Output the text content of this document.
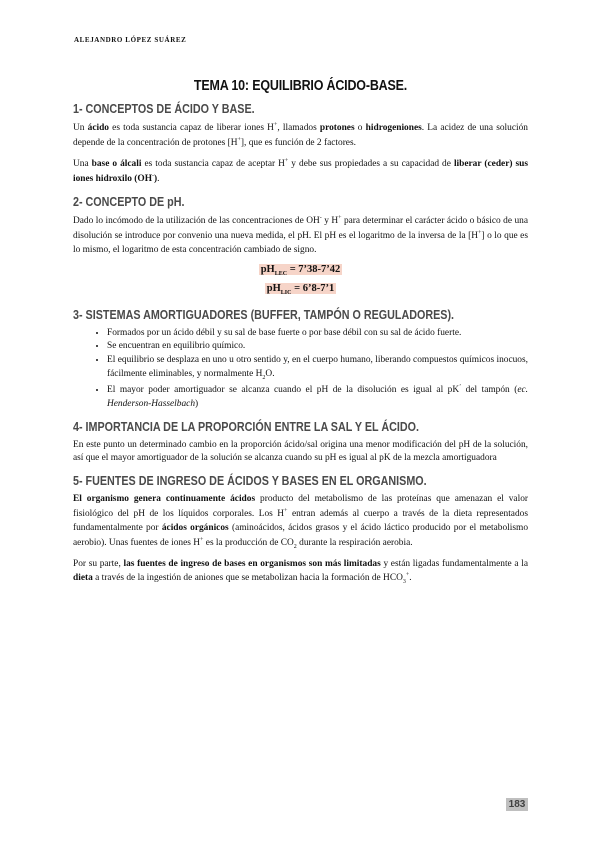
ALEJANDRO LÓPEZ SUÁREZ
TEMA 10: EQUILIBRIO ÁCIDO-BASE.
1- CONCEPTOS DE ÁCIDO Y BASE.

Un ácido es toda sustancia capaz de liberar iones H+, llamados protones o hidrogeniones. La acidez de una solución depende de la concentración de protones [H+], que es función de 2 factores.

Una base o álcali es toda sustancia capaz de aceptar H+ y debe sus propiedades a su capacidad de liberar (ceder) sus iones hidroxilo (OH-).

2- CONCEPTO DE pH.

Dado lo incómodo de la utilización de las concentraciones de OH- y H+ para determinar el carácter ácido o básico de una disolución se introduce por convenio una nueva medida, el pH. El pH es el logaritmo de la inversa de la [H+] o lo que es lo mismo, el logaritmo de esta concentración cambiado de signo.

$pH_{LEC}$ = 7’38-7’42
$pH_{LIC}$ = 6’8-7’1
3- SISTEMAS AMORTIGUADORES (BUFFER, TAMPÓN O REGULADORES).
• Formados por un ácido débil y su sal de base fuerte o por base débil con su sal de ácido fuerte.
• Se encuentran en equilibrio químico.
• El equilibrio se desplaza en uno u otro sentido y, en el cuerpo humano, liberando compuestos químicos inocuos, fácilmente eliminables, y normalmente $H_2O$.
• El mayor poder amortiguador se alcanza cuando el pH de la disolución es igual al pK’ del tampón (ec. Henderson-Hasselbach)
4- IMPORTANCIA DE LA PROPORCIÓN ENTRE LA SAL Y EL ÁCIDO.

En este punto un determinado cambio en la proporción ácido/sal origina una menor modificación del pH de la solución, así que el mayor amortiguador de la solución se alcanza cuando su pH es igual al pK de la mezcla amortiguadora

5- FUENTES DE INGRESO DE ÁCIDOS Y BASES EN EL ORGANISMO.

El organismo genera continuamente ácidos producto del metabolismo de las proteínas que amenazan el valor fisiológico del pH de los líquidos corporales. Los H+ entran además al cuerpo a través de la dieta representados fundamentalmente por ácidos orgánicos (aminoácidos, ácidos grasos y el ácido láctico producido por el metabolismo aerobio). Unas fuentes de iones H+ es la producción de $CO_2$ durante la respiración aerobia.

Por su parte, las fuentes de ingreso de bases en organismos son más limitadas y están ligadas fundamentalmente a la dieta a través de la ingestión de aniones que se metabolizan hacia la formación de $HCO_3^+$.

183
